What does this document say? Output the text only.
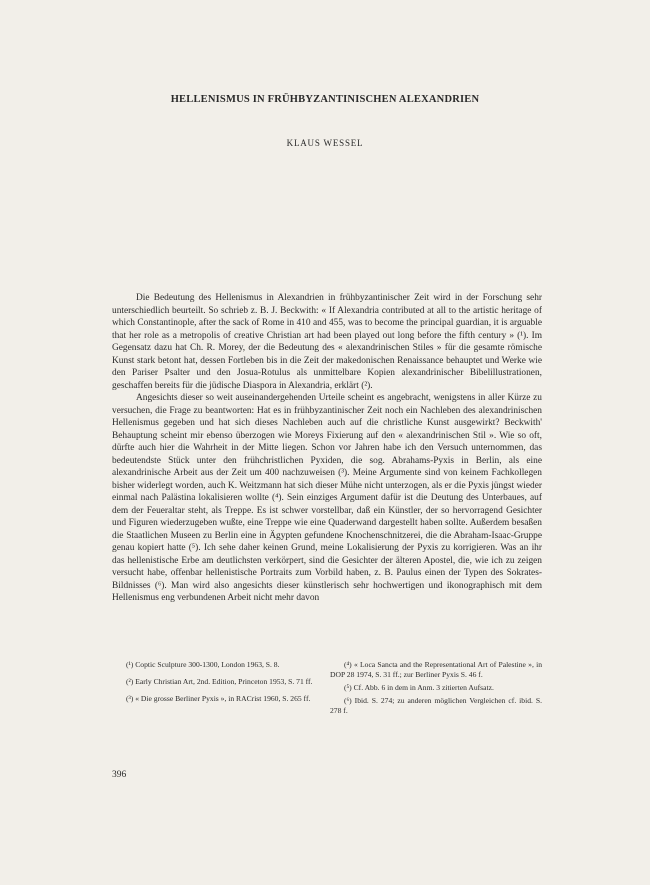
HELLENISMUS IN FRÜHBYZANTINISCHEN ALEXANDRIEN
KLAUS WESSEL

Die Bedeutung des Hellenismus in Alexandrien in frühbyzantinischer Zeit wird in der Forschung sehr unterschiedlich beurteilt. So schrieb z. B. J. Beckwith: « If Alexandria contributed at all to the artistic heritage of which Constantinople, after the sack of Rome in 410 and 455, was to become the principal guardian, it is arguable that her role as a metropolis of creative Christian art had been played out long before the fifth century » (¹). Im Gegensatz dazu hat Ch. R. Morey, der die Bedeutung des « alexandrinischen Stiles » für die gesamte römische Kunst stark betont hat, dessen Fortleben bis in die Zeit der makedonischen Renaissance behauptet und Werke wie den Pariser Psalter und den Josua-Rotulus als unmittelbare Kopien alexandrinischer Bibelillustrationen, geschaffen bereits für die jüdische Diaspora in Alexandria, erklärt (²).

Angesichts dieser so weit auseinandergehenden Urteile scheint es angebracht, wenigstens in aller Kürze zu versuchen, die Frage zu beantworten: Hat es in frühbyzantinischer Zeit noch ein Nachleben des alexandrinischen Hellenismus gegeben und hat sich dieses Nachleben auch auf die christliche Kunst ausgewirkt? Beckwith' Behauptung scheint mir ebenso überzogen wie Moreys Fixierung auf den « alexandrinischen Stil ». Wie so oft, dürfte auch hier die Wahrheit in der Mitte liegen. Schon vor Jahren habe ich den Versuch unternommen, das bedeutendste Stück unter den frühchristlichen Pyxiden, die sog. Abrahams-Pyxis in Berlin, als eine alexandrinische Arbeit aus der Zeit um 400 nachzuweisen (³). Meine Argumente sind von keinem Fachkollegen bisher widerlegt worden, auch K. Weitzmann hat sich dieser Mühe nicht unterzogen, als er die Pyxis jüngst wieder einmal nach Palästina lokalisieren wollte (⁴). Sein einziges Argument dafür ist die Deutung des Unterbaues, auf dem der Feueraltar steht, als Treppe. Es ist schwer vorstellbar, daß ein Künstler, der so hervorragend Gesichter und Figuren wiederzugeben wußte, eine Treppe wie eine Quaderwand dargestellt haben sollte. Außerdem besaßen die Staatlichen Museen zu Berlin eine in Ägypten gefundene Knochenschnitzerei, die die Abraham-Isaac-Gruppe genau kopiert hatte (⁵). Ich sehe daher keinen Grund, meine Lokalisierung der Pyxis zu korrigieren. Was an ihr das hellenistische Erbe am deutlichsten verkörpert, sind die Gesichter der älteren Apostel, die, wie ich zu zeigen versucht habe, offenbar hellenistische Portraits zum Vorbild haben, z. B. Paulus einen der Typen des Sokrates-Bildnisses (⁶). Man wird also angesichts dieser künstlerisch sehr hochwertigen und ikonographisch mit dem Hellenismus eng verbundenen Arbeit nicht mehr davon

(¹) Coptic Sculpture 300-1300, London 1963, S. 8.

(²) Early Christian Art, 2nd. Edition, Princeton 1953, S. 71 ff.

(³) « Die grosse Berliner Pyxis », in RACrist 1960, S. 265 ff.

(⁴) « Loca Sancta and the Representational Art of Palestine », in DOP 28 1974, S. 31 ff.; zur Berliner Pyxis S. 46 f.

(⁵) Cf. Abb. 6 in dem in Anm. 3 zitierten Aufsatz.

(⁶) Ibid. S. 274; zu anderen möglichen Vergleichen cf. ibid. S. 278 f.

396
